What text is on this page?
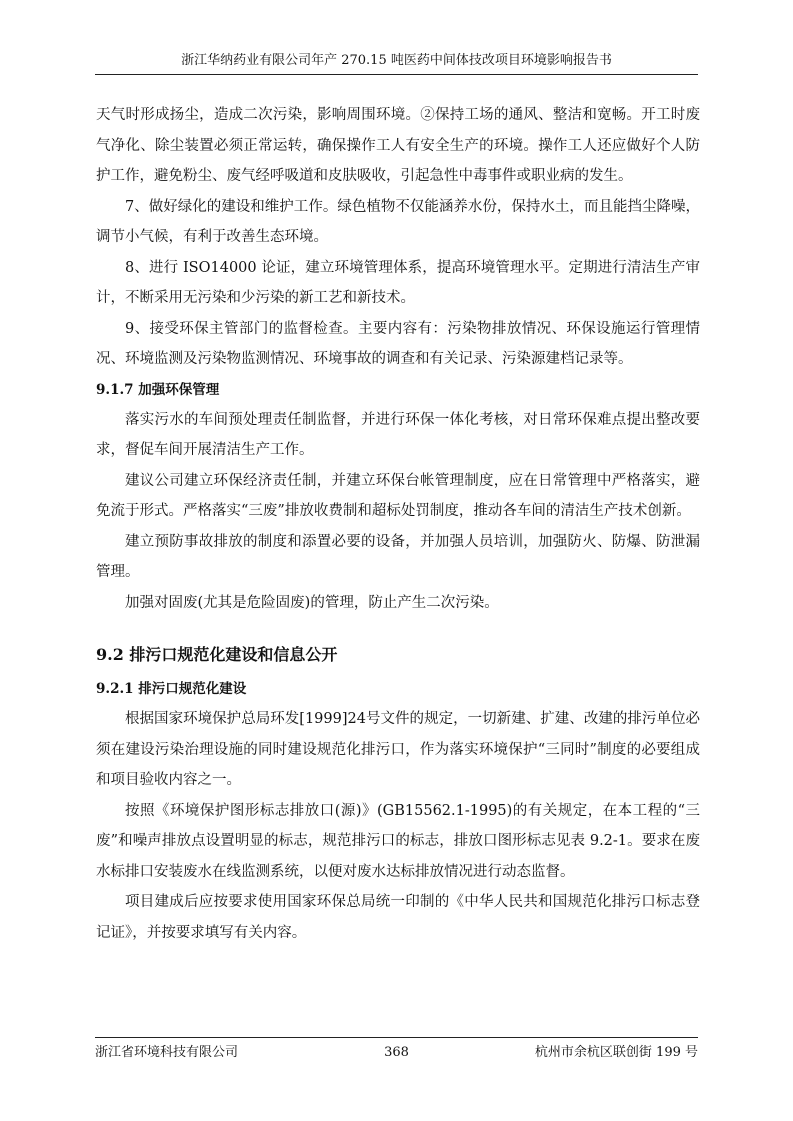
浙江华纳药业有限公司年产 270.15 吨医药中间体技改项目环境影响报告书

天气时形成扬尘，造成二次污染，影响周围环境。②保持工场的通风、整洁和宽畅。开工时废气净化、除尘装置必须正常运转，确保操作工人有安全生产的环境。操作工人还应做好个人防护工作，避免粉尘、废气经呼吸道和皮肤吸收，引起急性中毒事件或职业病的发生。

7、做好绿化的建设和维护工作。绿色植物不仅能涵养水份，保持水土，而且能挡尘降噪，调节小气候，有利于改善生态环境。

8、进行 ISO14000 论证，建立环境管理体系，提高环境管理水平。定期进行清洁生产审计，不断采用无污染和少污染的新工艺和新技术。

9、接受环保主管部门的监督检查。主要内容有：污染物排放情况、环保设施运行管理情况、环境监测及污染物监测情况、环境事故的调查和有关记录、污染源建档记录等。

9.1.7 加强环保管理

落实污水的车间预处理责任制监督，并进行环保一体化考核，对日常环保难点提出整改要求，督促车间开展清洁生产工作。

建议公司建立环保经济责任制，并建立环保台帐管理制度，应在日常管理中严格落实，避免流于形式。严格落实“三废”排放收费制和超标处罚制度，推动各车间的清洁生产技术创新。

建立预防事故排放的制度和添置必要的设备，并加强人员培训，加强防火、防爆、防泄漏管理。

加强对固废(尤其是危险固废)的管理，防止产生二次污染。

9.2 排污口规范化建设和信息公开
9.2.1 排污口规范化建设

根据国家环境保护总局环发[1999]24号文件的规定，一切新建、扩建、改建的排污单位必须在建设污染治理设施的同时建设规范化排污口，作为落实环境保护“三同时”制度的必要组成和项目验收内容之一。

按照《环境保护图形标志排放口(源)》(GB15562.1-1995)的有关规定，在本工程的“三废”和噪声排放点设置明显的标志，规范排污口的标志，排放口图形标志见表 9.2-1。要求在废水标排口安装废水在线监测系统，以便对废水达标排放情况进行动态监督。

项目建成后应按要求使用国家环保总局统一印制的《中华人民共和国规范化排污口标志登记证》，并按要求填写有关内容。

浙江省环境科技有限公司	368	杭州市余杭区联创街 199 号
